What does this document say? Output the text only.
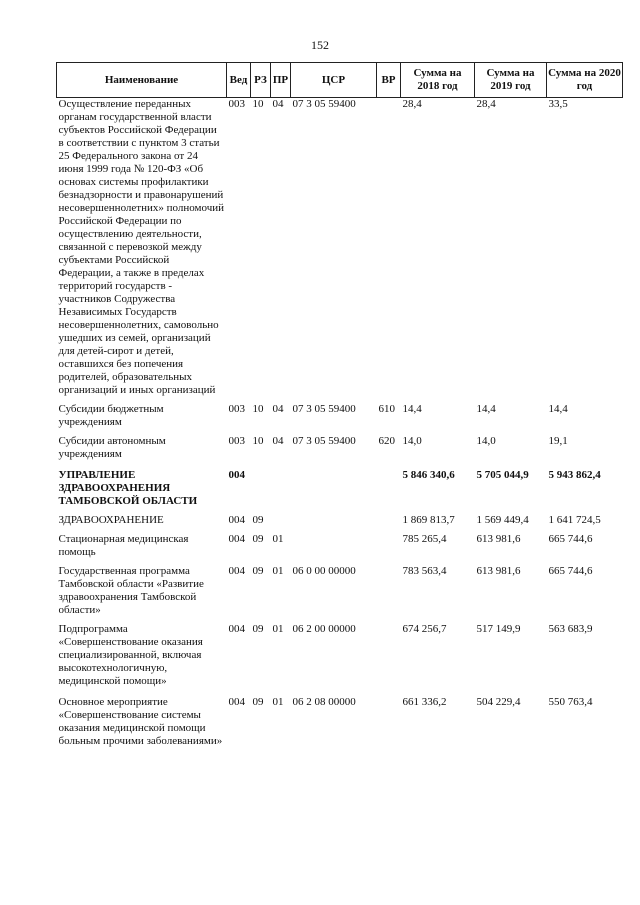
152
Наименование	Вед	РЗ	ПР	ЦСР	ВР	Сумма на 2018 год	Сумма на 2019 год	Сумма на 2020 год
Осуществление переданных органам государственной власти субъектов Российской Федерации в соответствии с пунктом 3 статьи 25 Федерального закона от 24 июня 1999 года № 120-ФЗ «Об основах системы профилактики безнадзорности и правонарушений несовершеннолетних» полномочий Российской Федерации по осуществлению деятельности, связанной с перевозкой между субъектами Российской Федерации, а также в пределах территорий государств - участников Содружества Независимых Государств несовершеннолетних, самовольно ушедших из семей, организаций для детей-сирот и детей, оставшихся без попечения родителей, образовательных организаций и иных организаций	003	10	04	07 3 05 59400		28,4	28,4	33,5
Субсидии бюджетным учреждениям	003	10	04	07 3 05 59400	610	14,4	14,4	14,4
Субсидии автономным учреждениям	003	10	04	07 3 05 59400	620	14,0	14,0	19,1
УПРАВЛЕНИЕ ЗДРАВООХРАНЕНИЯ ТАМБОВСКОЙ ОБЛАСТИ	004					5 846 340,6	5 705 044,9	5 943 862,4
ЗДРАВООХРАНЕНИЕ	004	09				1 869 813,7	1 569 449,4	1 641 724,5
Стационарная медицинская помощь	004	09	01			785 265,4	613 981,6	665 744,6
Государственная программа Тамбовской области «Развитие здравоохранения Тамбовской области»	004	09	01	06 0 00 00000		783 563,4	613 981,6	665 744,6
Подпрограмма «Совершенствование оказания специализированной, включая высокотехнологичную, медицинской помощи»	004	09	01	06 2 00 00000		674 256,7	517 149,9	563 683,9
Основное мероприятие «Совершенствование системы оказания медицинской помощи больным прочими заболеваниями»	004	09	01	06 2 08 00000		661 336,2	504 229,4	550 763,4
